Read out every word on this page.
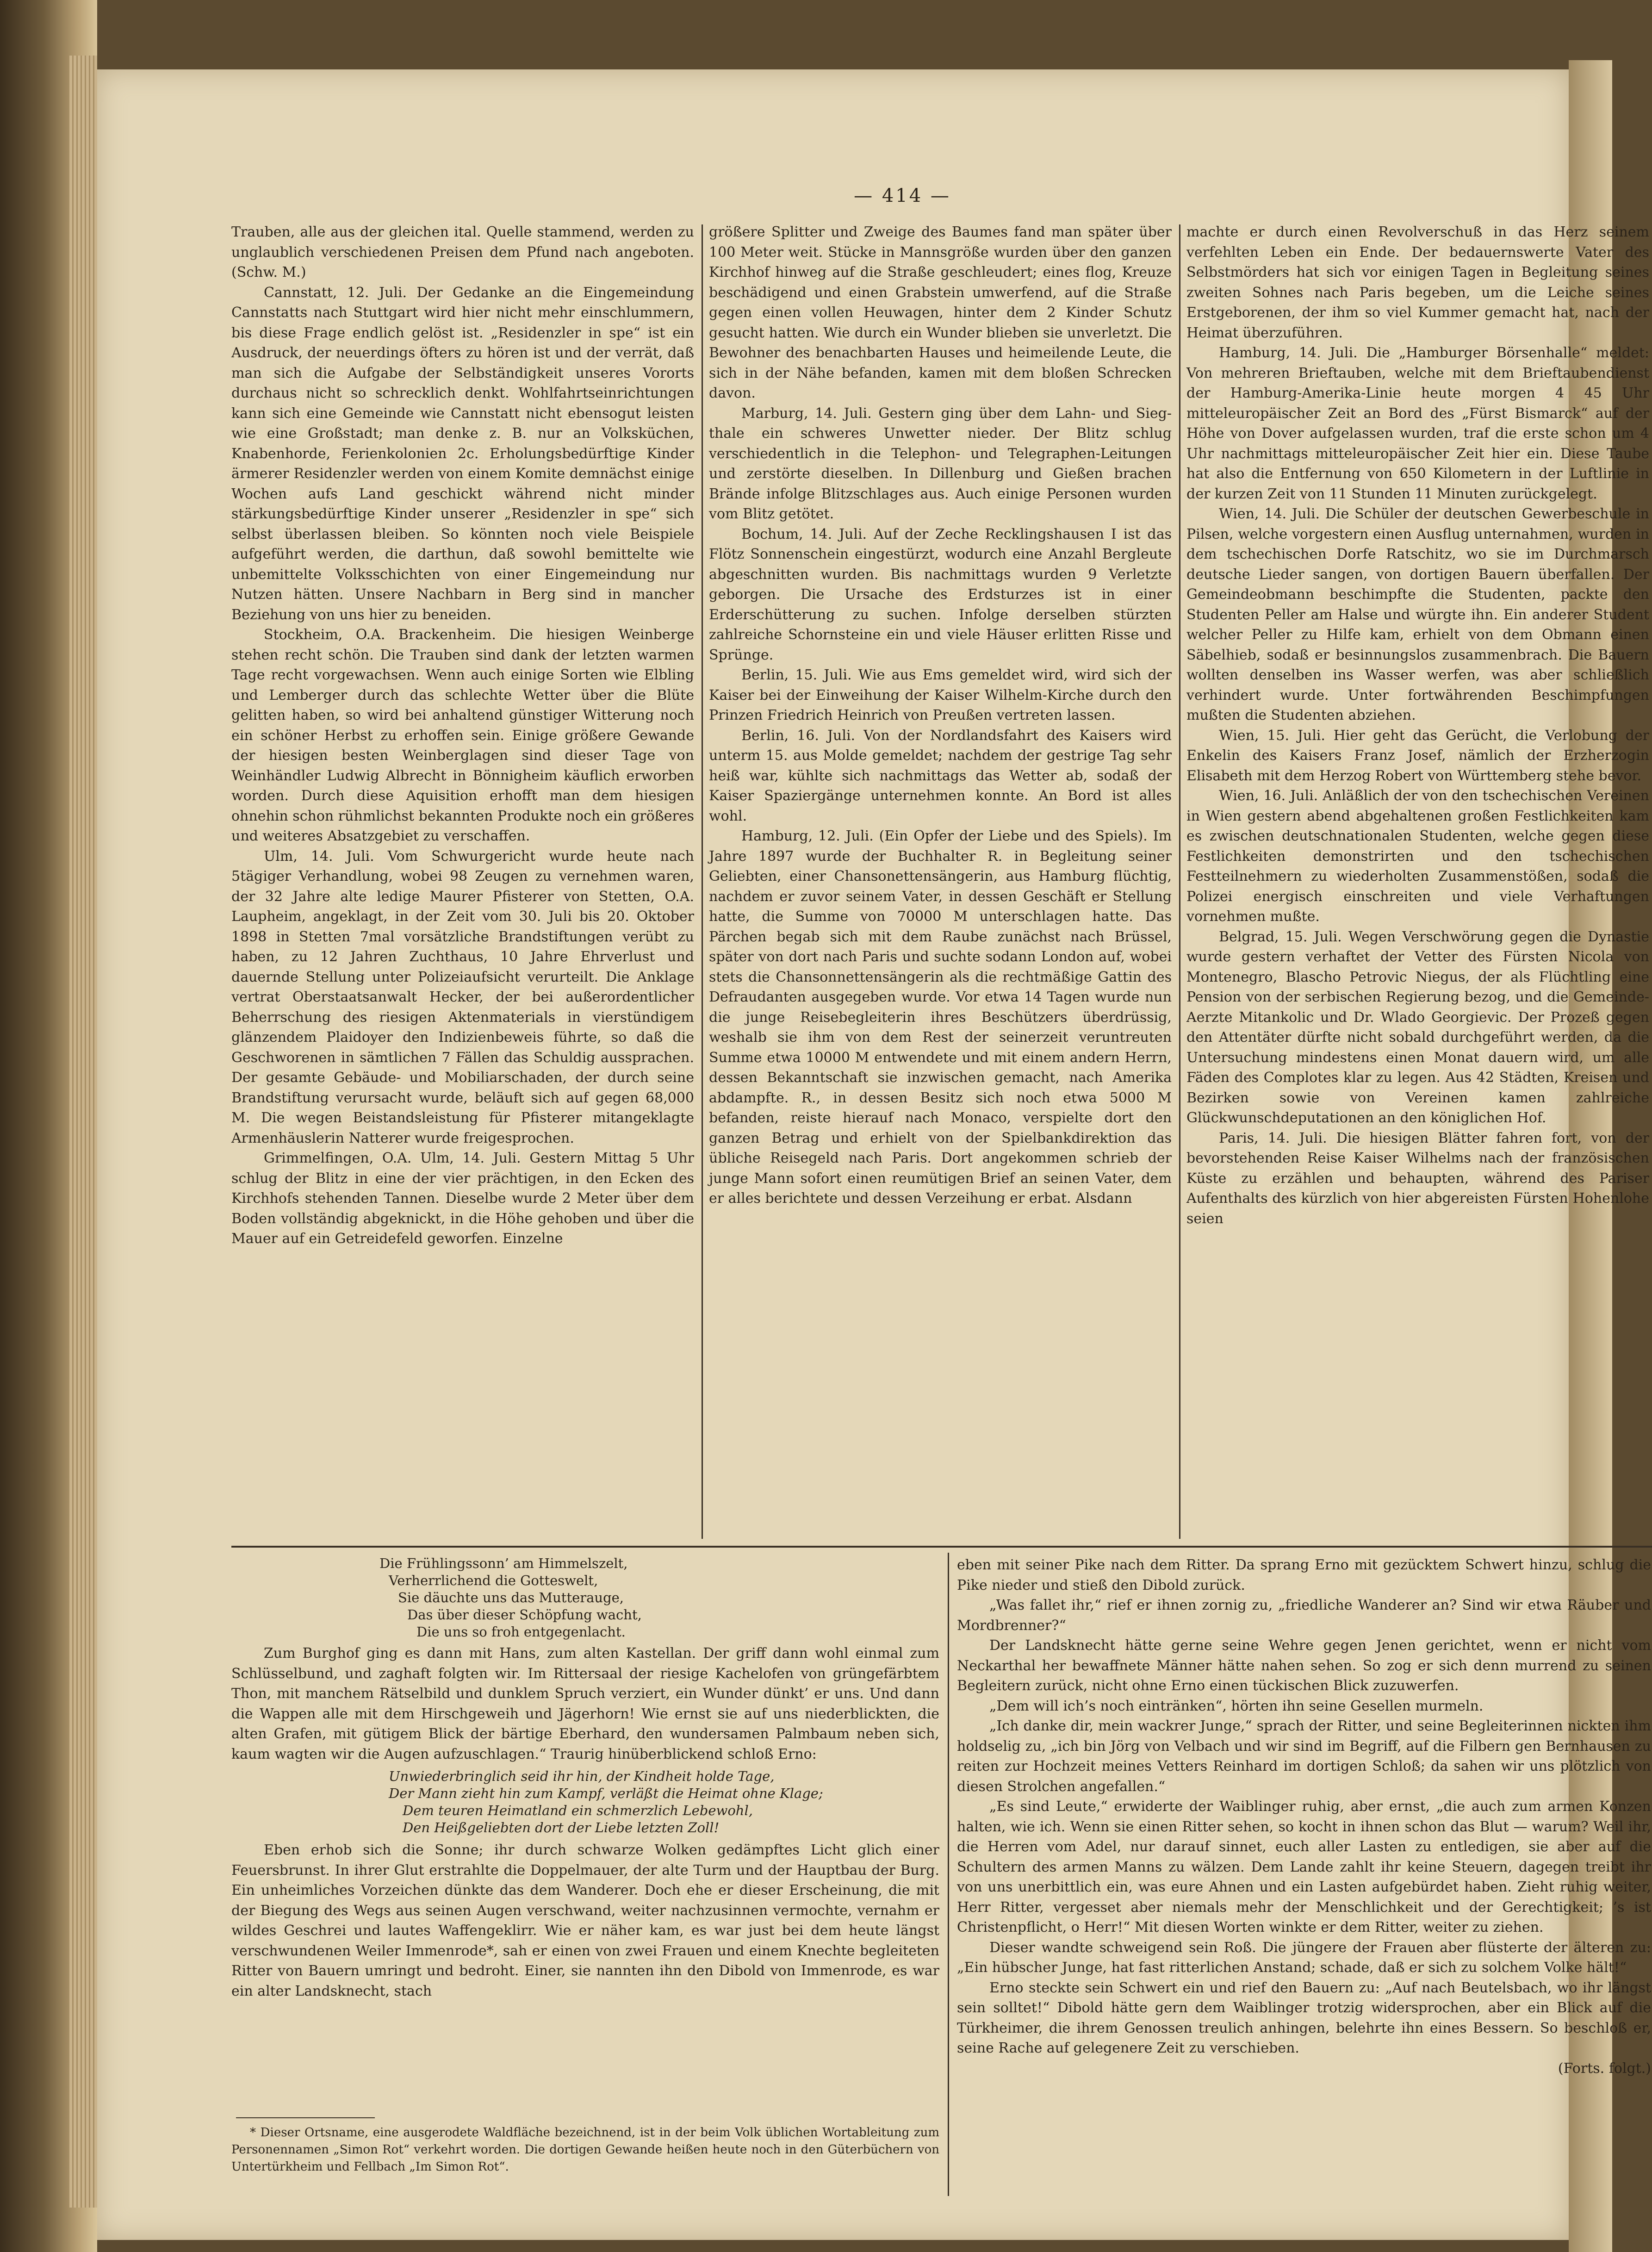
— 414 —

Trauben, alle aus der gleichen ital. Quelle stammend, werden zu unglaublich verschiedenen Preisen dem Pfund nach angeboten. (Schw. M.)

Cannstatt, 12. Juli. Der Gedanke an die Eingemeindung Cannstatts nach Stuttgart wird hier nicht mehr einschlummern, bis diese Frage endlich gelöst ist. „Residenzler in spe“ ist ein Ausdruck, der neuerdings öfters zu hören ist und der verrät, daß man sich die Aufgabe der Selbständigkeit unseres Vororts durchaus nicht so schrecklich denkt. Wohlfahrtseinrichtungen kann sich eine Gemeinde wie Cannstatt nicht ebensogut leisten wie eine Großstadt; man denke z. B. nur an Volksküchen, Knabenhorde, Ferienkolonien 2c. Erholungsbedürftige Kinder ärmerer Residenzler werden von einem Komite demnächst einige Wochen aufs Land geschickt während nicht minder stärkungsbedürftige Kinder unserer „Residenzler in spe“ sich selbst überlassen bleiben. So könnten noch viele Beispiele aufgeführt werden, die darthun, daß sowohl bemittelte wie unbemittelte Volksschichten von einer Eingemeindung nur Nutzen hätten. Unsere Nachbarn in Berg sind in mancher Beziehung von uns hier zu beneiden.

Stockheim, O.A. Brackenheim. Die hiesigen Weinberge stehen recht schön. Die Trauben sind dank der letzten warmen Tage recht vorgewachsen. Wenn auch einige Sorten wie Elbling und Lemberger durch das schlechte Wetter über die Blüte gelitten haben, so wird bei anhaltend günstiger Witterung noch ein schöner Herbst zu erhoffen sein. Einige größere Gewande der hiesigen besten Weinberglagen sind dieser Tage von Weinhändler Ludwig Albrecht in Bönnigheim käuflich erworben worden. Durch diese Aquisition erhofft man dem hiesigen ohnehin schon rühmlichst bekannten Produkte noch ein größeres und weiteres Absatzgebiet zu verschaffen.

Ulm, 14. Juli. Vom Schwurgericht wurde heute nach 5tägiger Verhandlung, wobei 98 Zeugen zu vernehmen waren, der 32 Jahre alte ledige Maurer Pfisterer von Stetten, O.A. Laupheim, angeklagt, in der Zeit vom 30. Juli bis 20. Oktober 1898 in Stetten 7mal vorsätzliche Brandstiftungen verübt zu haben, zu 12 Jahren Zuchthaus, 10 Jahre Ehrverlust und dauernde Stellung unter Polizeiaufsicht verurteilt. Die Anklage vertrat Oberstaatsanwalt Hecker, der bei außerordentlicher Beherrschung des riesigen Aktenmaterials in vierstündigem glänzendem Plaidoyer den Indizienbeweis führte, so daß die Geschworenen in sämtlichen 7 Fällen das Schuldig aussprachen. Der gesamte Gebäude- und Mobiliarschaden, der durch seine Brandstiftung verursacht wurde, beläuft sich auf gegen 68,000 M. Die wegen Beistandsleistung für Pfisterer mitangeklagte Armenhäuslerin Natterer wurde freigesprochen.

Grimmelfingen, O.A. Ulm, 14. Juli. Gestern Mittag 5 Uhr schlug der Blitz in eine der vier prächtigen, in den Ecken des Kirchhofs stehenden Tannen. Dieselbe wurde 2 Meter über dem Boden vollständig abgeknickt, in die Höhe gehoben und über die Mauer auf ein Getreidefeld geworfen. Einzelne

größere Splitter und Zweige des Baumes fand man später über 100 Meter weit. Stücke in Mannsgröße wurden über den ganzen Kirchhof hinweg auf die Straße geschleudert; eines flog, Kreuze beschädigend und einen Grabstein umwerfend, auf die Straße gegen einen vollen Heuwagen, hinter dem 2 Kinder Schutz gesucht hatten. Wie durch ein Wunder blieben sie unverletzt. Die Bewohner des benachbarten Hauses und heimeilende Leute, die sich in der Nähe befanden, kamen mit dem bloßen Schrecken davon.

Marburg, 14. Juli. Gestern ging über dem Lahn- und Sieg-thale ein schweres Unwetter nieder. Der Blitz schlug verschiedentlich in die Telephon- und Telegraphen-Leitungen und zerstörte dieselben. In Dillenburg und Gießen brachen Brände infolge Blitzschlages aus. Auch einige Personen wurden vom Blitz getötet.

Bochum, 14. Juli. Auf der Zeche Recklingshausen I ist das Flötz Sonnenschein eingestürzt, wodurch eine Anzahl Bergleute abgeschnitten wurden. Bis nachmittags wurden 9 Verletzte geborgen. Die Ursache des Erdsturzes ist in einer Erderschütterung zu suchen. Infolge derselben stürzten zahlreiche Schornsteine ein und viele Häuser erlitten Risse und Sprünge.

Berlin, 15. Juli. Wie aus Ems gemeldet wird, wird sich der Kaiser bei der Einweihung der Kaiser Wilhelm-Kirche durch den Prinzen Friedrich Heinrich von Preußen vertreten lassen.

Berlin, 16. Juli. Von der Nordlandsfahrt des Kaisers wird unterm 15. aus Molde gemeldet; nachdem der gestrige Tag sehr heiß war, kühlte sich nachmittags das Wetter ab, sodaß der Kaiser Spaziergänge unternehmen konnte. An Bord ist alles wohl.

Hamburg, 12. Juli. (Ein Opfer der Liebe und des Spiels). Im Jahre 1897 wurde der Buchhalter R. in Begleitung seiner Geliebten, einer Chansonettensängerin, aus Hamburg flüchtig, nachdem er zuvor seinem Vater, in dessen Geschäft er Stellung hatte, die Summe von 70000 M unterschlagen hatte. Das Pärchen begab sich mit dem Raube zunächst nach Brüssel, später von dort nach Paris und suchte sodann London auf, wobei stets die Chansonnettensängerin als die rechtmäßige Gattin des Defraudanten ausgegeben wurde. Vor etwa 14 Tagen wurde nun die junge Reisebegleiterin ihres Beschützers überdrüssig, weshalb sie ihm von dem Rest der seinerzeit veruntreuten Summe etwa 10000 M entwendete und mit einem andern Herrn, dessen Bekanntschaft sie inzwischen gemacht, nach Amerika abdampfte. R., in dessen Besitz sich noch etwa 5000 M befanden, reiste hierauf nach Monaco, verspielte dort den ganzen Betrag und erhielt von der Spielbankdirektion das übliche Reisegeld nach Paris. Dort angekommen schrieb der junge Mann sofort einen reumütigen Brief an seinen Vater, dem er alles berichtete und dessen Verzeihung er erbat. Alsdann

machte er durch einen Revolverschuß in das Herz seinem verfehlten Leben ein Ende. Der bedauernswerte Vater des Selbstmörders hat sich vor einigen Tagen in Begleitung seines zweiten Sohnes nach Paris begeben, um die Leiche seines Erstgeborenen, der ihm so viel Kummer gemacht hat, nach der Heimat überzuführen.

Hamburg, 14. Juli. Die „Hamburger Börsenhalle“ meldet: Von mehreren Brieftauben, welche mit dem Brieftaubendienst der Hamburg-Amerika-Linie heute morgen 4 45 Uhr mitteleuropäischer Zeit an Bord des „Fürst Bismarck“ auf der Höhe von Dover aufgelassen wurden, traf die erste schon um 4 Uhr nachmittags mitteleuropäischer Zeit hier ein. Diese Taube hat also die Entfernung von 650 Kilometern in der Luftlinie in der kurzen Zeit von 11 Stunden 11 Minuten zurückgelegt.

Wien, 14. Juli. Die Schüler der deutschen Gewerbeschule in Pilsen, welche vorgestern einen Ausflug unternahmen, wurden in dem tschechischen Dorfe Ratschitz, wo sie im Durchmarsch deutsche Lieder sangen, von dortigen Bauern überfallen. Der Gemeindeobmann beschimpfte die Studenten, packte den Studenten Peller am Halse und würgte ihn. Ein anderer Student welcher Peller zu Hilfe kam, erhielt von dem Obmann einen Säbelhieb, sodaß er besinnungslos zusammenbrach. Die Bauern wollten denselben ins Wasser werfen, was aber schließlich verhindert wurde. Unter fortwährenden Beschimpfungen mußten die Studenten abziehen.

Wien, 15. Juli. Hier geht das Gerücht, die Verlobung der Enkelin des Kaisers Franz Josef, nämlich der Erzherzogin Elisabeth mit dem Herzog Robert von Württemberg stehe bevor.

Wien, 16. Juli. Anläßlich der von den tschechischen Vereinen in Wien gestern abend abgehaltenen großen Festlichkeiten kam es zwischen deutschnationalen Studenten, welche gegen diese Festlichkeiten demonstrirten und den tschechischen Festteilnehmern zu wiederholten Zusammenstößen, sodaß die Polizei energisch einschreiten und viele Verhaftungen vornehmen mußte.

Belgrad, 15. Juli. Wegen Verschwörung gegen die Dynastie wurde gestern verhaftet der Vetter des Fürsten Nicola von Montenegro, Blascho Petrovic Niegus, der als Flüchtling eine Pension von der serbischen Regierung bezog, und die Gemeinde-Aerzte Mitankolic und Dr. Wlado Georgievic. Der Prozeß gegen den Attentäter dürfte nicht sobald durchgeführt werden, da die Untersuchung mindestens einen Monat dauern wird, um alle Fäden des Complotes klar zu legen. Aus 42 Städten, Kreisen und Bezirken sowie von Vereinen kamen zahlreiche Glückwunschdeputationen an den königlichen Hof.

Paris, 14. Juli. Die hiesigen Blätter fahren fort, von der bevorstehenden Reise Kaiser Wilhelms nach der französischen Küste zu erzählen und behaupten, während des Pariser Aufenthalts des kürzlich von hier abgereisten Fürsten Hohenlohe seien

Die Frühlingssonn’ am Himmelszelt,
Verherrlichend die Gotteswelt,
Sie däuchte uns das Mutterauge,
Das über dieser Schöpfung wacht,
Die uns so froh entgegenlacht.

Zum Burghof ging es dann mit Hans, zum alten Kastellan. Der griff dann wohl einmal zum Schlüsselbund, und zaghaft folgten wir. Im Rittersaal der riesige Kachelofen von grüngefärbtem Thon, mit manchem Rätselbild und dunklem Spruch verziert, ein Wunder dünkt’ er uns. Und dann die Wappen alle mit dem Hirschgeweih und Jägerhorn! Wie ernst sie auf uns niederblickten, die alten Grafen, mit gütigem Blick der bärtige Eberhard, den wundersamen Palmbaum neben sich, kaum wagten wir die Augen aufzuschlagen.“ Traurig hinüberblickend schloß Erno:

Unwiederbringlich seid ihr hin, der Kindheit holde Tage,
Der Mann zieht hin zum Kampf, verläßt die Heimat ohne Klage;
Dem teuren Heimatland ein schmerzlich Lebewohl,
Den Heißgeliebten dort der Liebe letzten Zoll!

Eben erhob sich die Sonne; ihr durch schwarze Wolken gedämpftes Licht glich einer Feuersbrunst. In ihrer Glut erstrahlte die Doppelmauer, der alte Turm und der Hauptbau der Burg. Ein unheimliches Vorzeichen dünkte das dem Wanderer. Doch ehe er dieser Erscheinung, die mit der Biegung des Wegs aus seinen Augen verschwand, weiter nachzusinnen vermochte, vernahm er wildes Geschrei und lautes Waffengeklirr. Wie er näher kam, es war just bei dem heute längst verschwundenen Weiler Immenrode*, sah er einen von zwei Frauen und einem Knechte begleiteten Ritter von Bauern umringt und bedroht. Einer, sie nannten ihn den Dibold von Immenrode, es war ein alter Landsknecht, stach

eben mit seiner Pike nach dem Ritter. Da sprang Erno mit gezücktem Schwert hinzu, schlug die Pike nieder und stieß den Dibold zurück.

„Was fallet ihr,“ rief er ihnen zornig zu, „friedliche Wanderer an? Sind wir etwa Räuber und Mordbrenner?“

Der Landsknecht hätte gerne seine Wehre gegen Jenen gerichtet, wenn er nicht vom Neckarthal her bewaffnete Männer hätte nahen sehen. So zog er sich denn murrend zu seinen Begleitern zurück, nicht ohne Erno einen tückischen Blick zuzuwerfen.

„Dem will ich’s noch eintränken“, hörten ihn seine Gesellen murmeln.

„Ich danke dir, mein wackrer Junge,“ sprach der Ritter, und seine Begleiterinnen nickten ihm holdselig zu, „ich bin Jörg von Velbach und wir sind im Begriff, auf die Filbern gen Bernhausen zu reiten zur Hochzeit meines Vetters Reinhard im dortigen Schloß; da sahen wir uns plötzlich von diesen Strolchen angefallen.“

„Es sind Leute,“ erwiderte der Waiblinger ruhig, aber ernst, „die auch zum armen Konzen halten, wie ich. Wenn sie einen Ritter sehen, so kocht in ihnen schon das Blut — warum? Weil ihr, die Herren vom Adel, nur darauf sinnet, euch aller Lasten zu entledigen, sie aber auf die Schultern des armen Manns zu wälzen. Dem Lande zahlt ihr keine Steuern, dagegen treibt ihr von uns unerbittlich ein, was eure Ahnen und ein Lasten aufgebürdet haben. Zieht ruhig weiter, Herr Ritter, vergesset aber niemals mehr der Menschlichkeit und der Gerechtigkeit; ’s ist Christenpflicht, o Herr!“ Mit diesen Worten winkte er dem Ritter, weiter zu ziehen.

Dieser wandte schweigend sein Roß. Die jüngere der Frauen aber flüsterte der älteren zu: „Ein hübscher Junge, hat fast ritterlichen Anstand; schade, daß er sich zu solchem Volke hält!“

Erno steckte sein Schwert ein und rief den Bauern zu: „Auf nach Beutelsbach, wo ihr längst sein solltet!“ Dibold hätte gern dem Waiblinger trotzig widersprochen, aber ein Blick auf die Türkheimer, die ihrem Genossen treulich anhingen, belehrte ihn eines Bessern. So beschloß er, seine Rache auf gelegenere Zeit zu verschieben.

(Forts. folgt.)

* Dieser Ortsname, eine ausgerodete Waldfläche bezeichnend, ist in der beim Volk üblichen Wortableitung zum Personennamen „Simon Rot“ verkehrt worden. Die dortigen Gewande heißen heute noch in den Güterbüchern von Untertürkheim und Fellbach „Im Simon Rot“.
